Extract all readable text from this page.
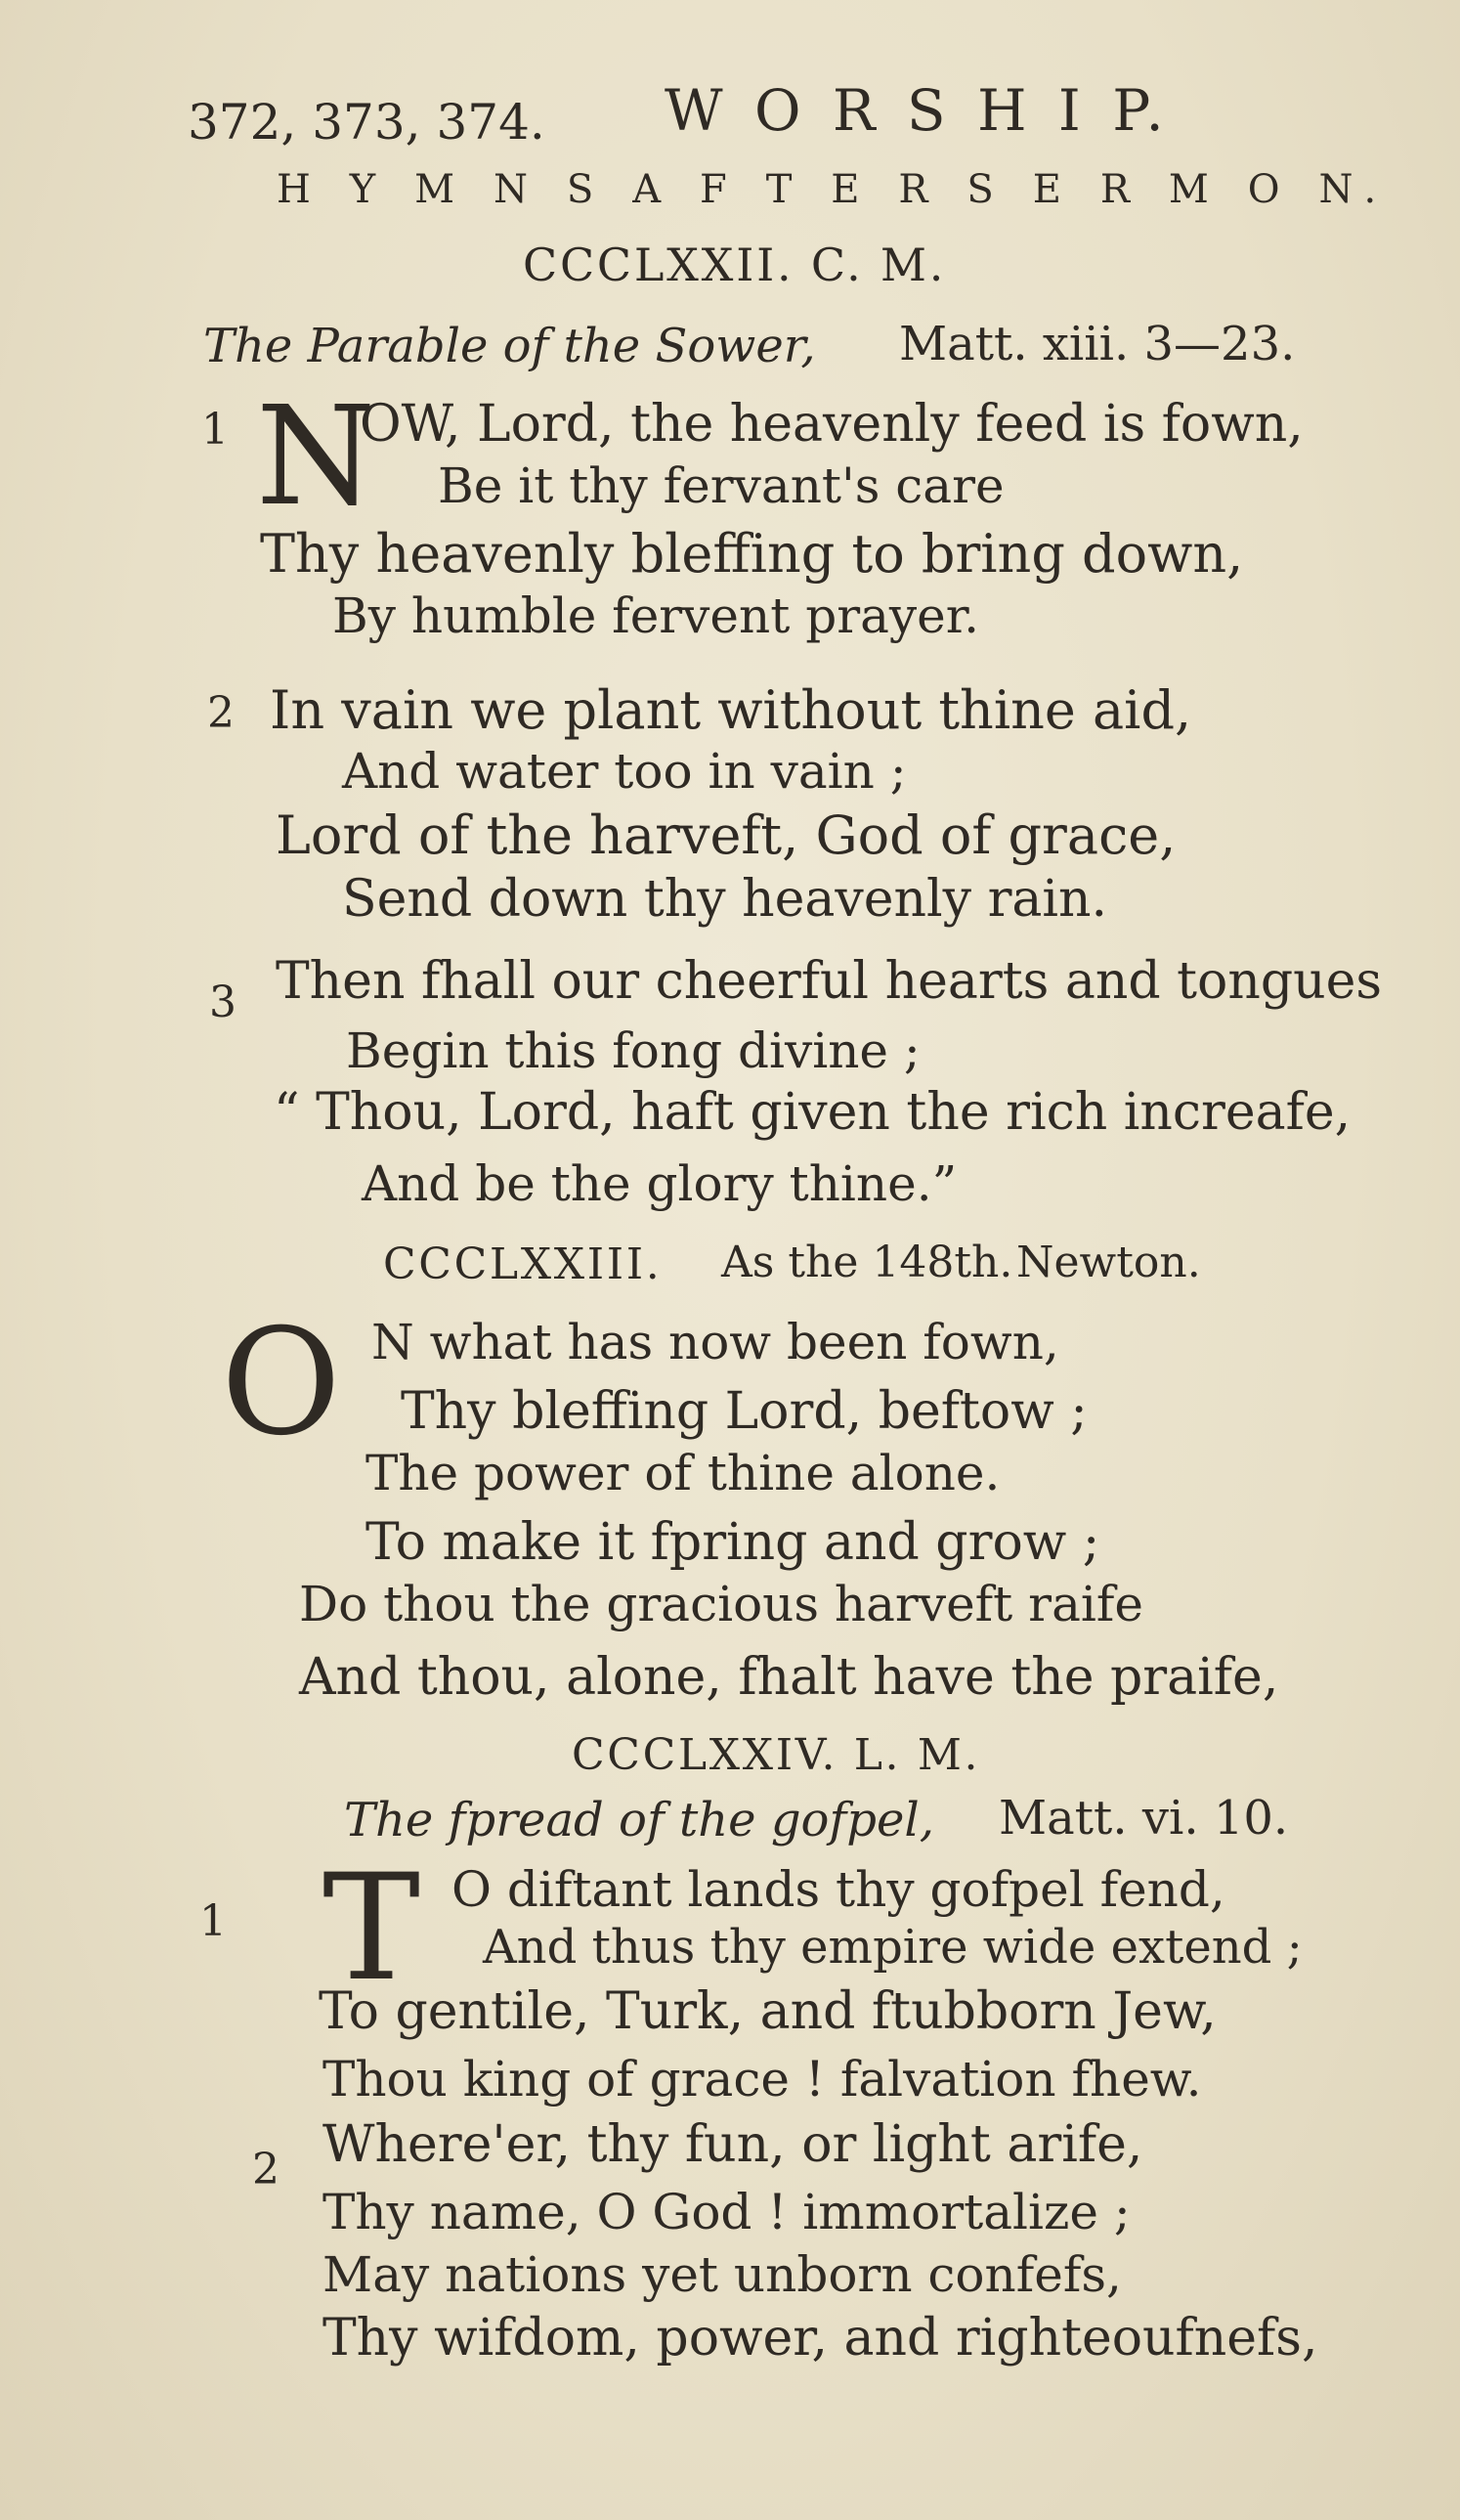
372, 373, 374. W O R S H I P.
H Y M N S A F T E R S E R M O N.
CCCLXXII. C. M.
The Parable of the Sower, Matt. xiii. 3—23.
1 N
OW, Lord, the heavenly feed is fown,
Be it thy fervant's care
Thy heavenly bleffing to bring down,
By humble fervent prayer.
2 In vain we plant without thine aid,
And water too in vain ;
Lord of the harveft, God of grace,
Send down thy heavenly rain.
3 Then fhall our cheerful hearts and tongues
Begin this fong divine ;
“ Thou, Lord, haft given the rich increafe,
And be the glory thine.”
CCCLXXIII. As the 148th. Newton.
O N what has now been fown,
Thy bleffing Lord, beftow ;
The power of thine alone.
To make it fpring and grow ;
Do thou the gracious harveft raife
And thou, alone, fhalt have the praife,
CCCLXXIV. L. M.
The fpread of the gofpel, Matt. vi. 10.
1 T O diftant lands thy gofpel fend,
And thus thy empire wide extend ;
To gentile, Turk, and ftubborn Jew,
Thou king of grace ! falvation fhew.
2 Where'er, thy fun, or light arife,
Thy name, O God ! immortalize ;
May nations yet unborn confefs,
Thy wifdom, power, and righteoufnefs,
